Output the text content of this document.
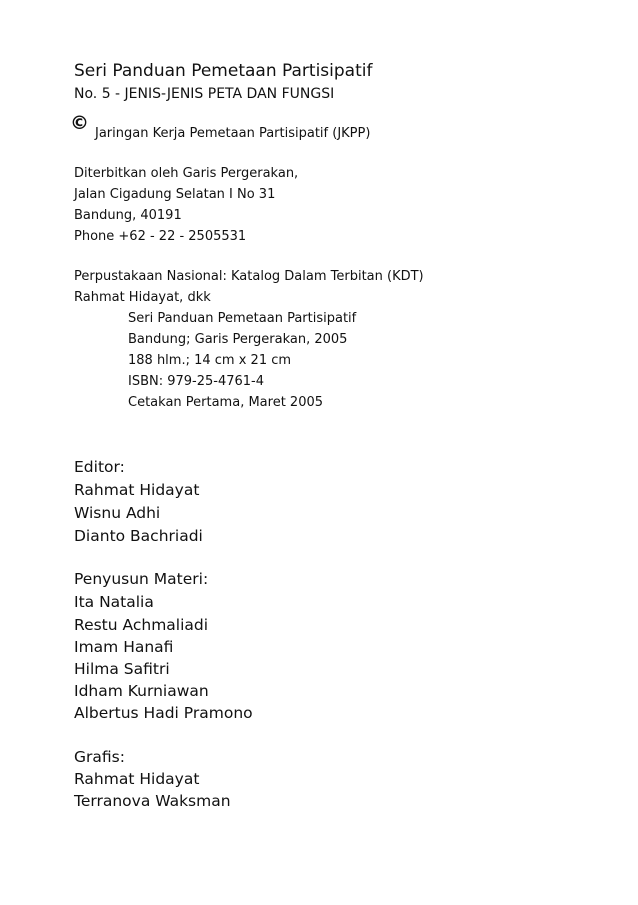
Seri Panduan Pemetaan Partisipatif
No. 5 - JENIS-JENIS PETA DAN FUNGSI
© Jaringan Kerja Pemetaan Partisipatif (JKPP)
Diterbitkan oleh Garis Pergerakan,
Jalan Cigadung Selatan I No 31
Bandung, 40191
Phone +62 - 22 - 2505531
Perpustakaan Nasional: Katalog Dalam Terbitan (KDT)
Rahmat Hidayat, dkk
Seri Panduan Pemetaan Partisipatif
Bandung; Garis Pergerakan, 2005
188 hlm.; 14 cm x 21 cm
ISBN: 979-25-4761-4
Cetakan Pertama, Maret 2005
Editor:
Rahmat Hidayat
Wisnu Adhi
Dianto Bachriadi
Penyusun Materi:
Ita Natalia
Restu Achmaliadi
Imam Hanafi
Hilma Safitri
Idham Kurniawan
Albertus Hadi Pramono
Grafis:
Rahmat Hidayat
Terranova Waksman
